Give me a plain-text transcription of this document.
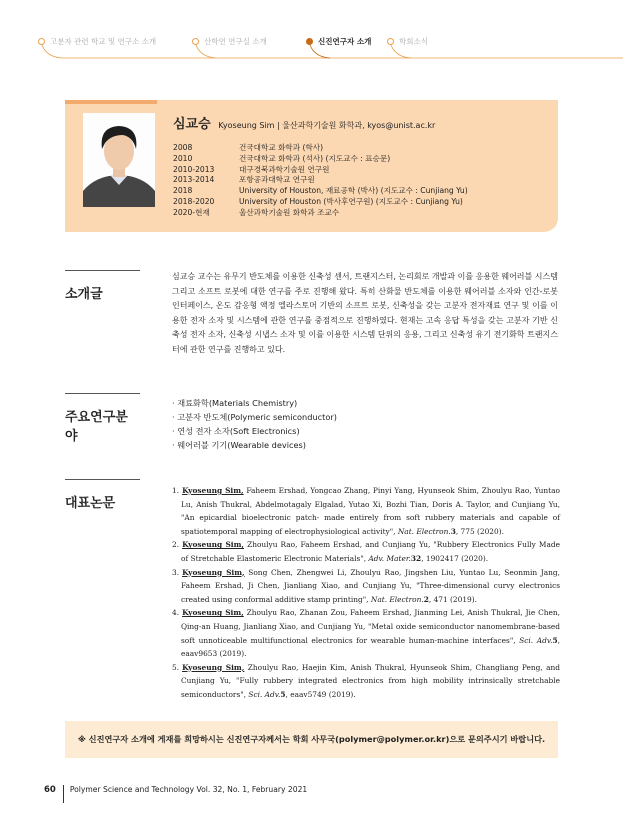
고분자 관련 학교 및 연구소 소개	산학연 연구실 소개	신진연구자 소개	학회소식
심교승 Kyoseung Sim | 울산과학기술원 화학과, kyos@unist.ac.kr
2008	건국대학교 화학과 (학사)
2010	건국대학교 화학과 (석사) (지도교수 : 표승문)
2010-2013	대구경북과학기술원 연구원
2013-2014	포항공과대학교 연구원
2018	University of Houston, 재료공학 (박사) (지도교수 : Cunjiang Yu)
2018-2020	University of Houston (박사후연구원) (지도교수 : Cunjiang Yu)
2020-현재	울산과학기술원 화학과 조교수
소개글
심교승 교수는 유무기 반도체를 이용한 신축성 센서, 트랜지스터, 논리회로 개발과 이를 응용한 웨어러블 시스템 그리고 소프트 로봇에 대한 연구를 주로 진행해 왔다. 특히 산화물 반도체를 이용한 웨어러블 소자와 인간-로봇 인터페이스, 온도 감응형 액정 엘라스토머 기반의 소프트 로봇, 신축성을 갖는 고분자 전자재료 연구 및 이를 이용한 전자 소자 및 시스템에 관한 연구를 중점적으로 진행하였다. 현재는 고속 응답 특성을 갖는 고분자 기반 신축성 전자 소자, 신축성 시냅스 소자 및 이를 이용한 시스템 단위의 응용, 그리고 신축성 유기 전기화학 트랜지스터에 관한 연구를 진행하고 있다.
주요연구분야
· 재료화학(Materials Chemistry)
· 고분자 반도체(Polymeric semiconductor)
· 연성 전자 소자(Soft Electronics)
· 웨어러블 기기(Wearable devices)
대표논문
1. Kyoseung Sim, Faheem Ershad, Yongcao Zhang, Pinyi Yang, Hyunseok Shim, Zhoulyu Rao, Yuntao Lu, Anish Thukral, Abdelmotagaly Elgalad, Yutao Xi, Bozhi Tian, Doris A. Taylor, and Cunjiang Yu, "An epicardial bioelectronic patch- made entirely from soft rubbery materials and capable of spatiotemporal mapping of electrophysiological activity", Nat. Electron.3, 775 (2020).
2. Kyoseung Sim, Zhoulyu Rao, Faheem Ershad, and Cunjiang Yu, "Rubbery Electronics Fully Made of Stretchable Elastomeric Electronic Materials", Adv. Mater.32, 1902417 (2020).
3. Kyoseung Sim, Song Chen, Zhengwei Li, Zhoulyu Rao, Jingshen Liu, Yuntao Lu, Seonmin Jang, Faheem Ershad, Ji Chen, Jianliang Xiao, and Cunjiang Yu, "Three-dimensional curvy electronics created using conformal additive stamp printing", Nat. Electron.2, 471 (2019).
4. Kyoseung Sim, Zhoulyu Rao, Zhanan Zou, Faheem Ershad, Jianming Lei, Anish Thukral, Jie Chen, Qing-an Huang, Jianliang Xiao, and Cunjiang Yu, "Metal oxide semiconductor nanomembrane-based soft unnoticeable multifunctional electronics for wearable human-machine interfaces", Sci. Adv.5, eaav9653 (2019).
5. Kyoseung Sim, Zhoulyu Rao, Haejin Kim, Anish Thukral, Hyunseok Shim, Changliang Peng, and Cunjiang Yu, "Fully rubbery integrated electronics from high mobility intrinsically stretchable semiconductors", Sci. Adv.5, eaav5749 (2019).
※ 신진연구자 소개에 게재를 희망하시는 신진연구자께서는 학회 사무국(polymer@polymer.or.kr)으로 문의주시기 바랍니다.
60 Polymer Science and Technology Vol. 32, No. 1, February 2021
